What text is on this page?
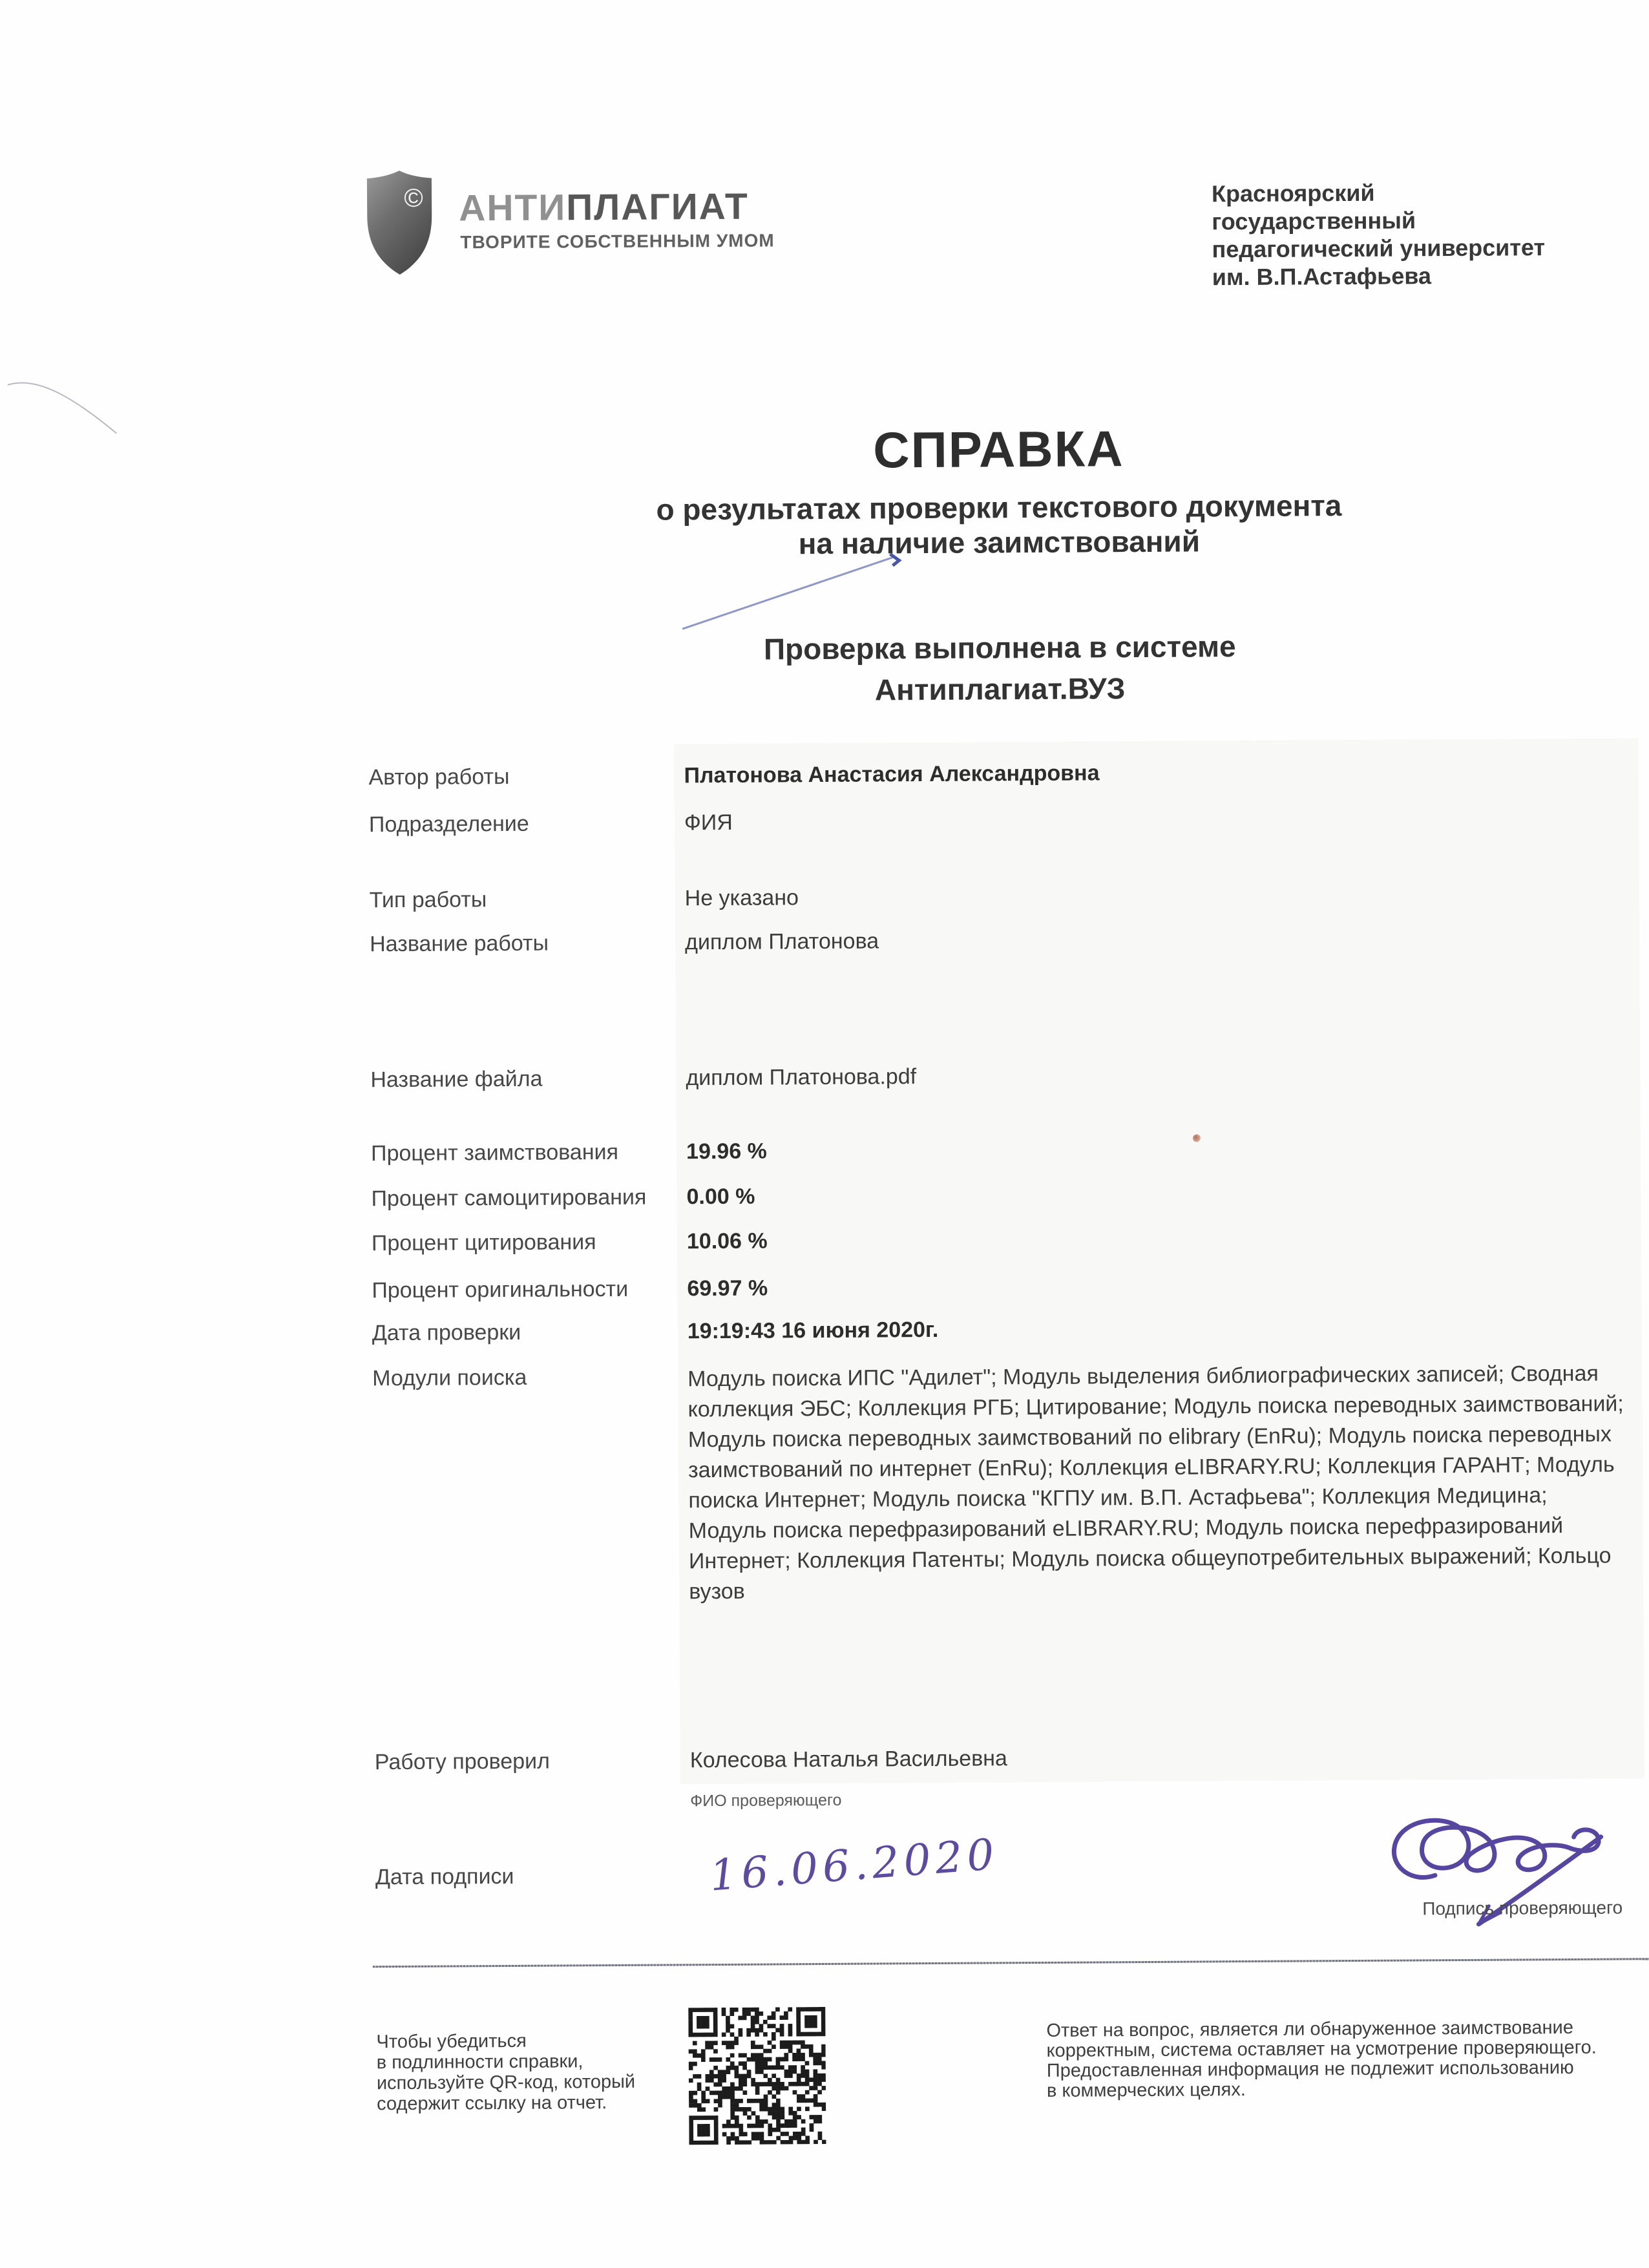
© АНТИПЛАГИАТ
ТВОРИТЕ СОБСТВЕННЫМ УМОМ
Красноярский
государственный
педагогический университет
им. В.П.Астафьева
СПРАВКА
о результатах проверки текстового документа
на наличие заимствований
Проверка выполнена в системе
Антиплагиат.ВУЗ
Автор работы	Платонова Анастасия Александровна
Подразделение	ФИЯ
Тип работы	Не указано
Название работы	диплом Платонова
Название файла	диплом Платонова.pdf
Процент заимствования	19.96 %
Процент самоцитирования 0.00 %
Процент цитирования	10.06 %
Процент оригинальности	69.97 %
Дата проверки	19:19:43 16 июня 2020г.
Модули поиска	Модуль поиска ИПС "Адилет"; Модуль выделения библиографических записей; Сводная коллекция ЭБС; Коллекция РГБ; Цитирование; Модуль поиска переводных заимствований; Модуль поиска переводных заимствований по elibrary (EnRu); Модуль поиска переводных заимствований по интернет (EnRu); Коллекция eLIBRARY.RU; Коллекция ГАРАНТ; Модуль поиска Интернет; Модуль поиска "КГПУ им. В.П. Астафьева"; Коллекция Медицина; Модуль поиска перефразирований eLIBRARY.RU; Модуль поиска перефразирований Интернет; Коллекция Патенты; Модуль поиска общеупотребительных выражений; Кольцо вузов
Работу проверил	Колесова Наталья Васильевна
ФИО проверяющего
Дата подписи	16.06.2020
Подпись проверяющего
Чтобы убедиться
в подлинности справки,
используйте QR-код, который
содержит ссылку на отчет.
Ответ на вопрос, является ли обнаруженное заимствование
корректным, система оставляет на усмотрение проверяющего.
Предоставленная информация не подлежит использованию
в коммерческих целях.
